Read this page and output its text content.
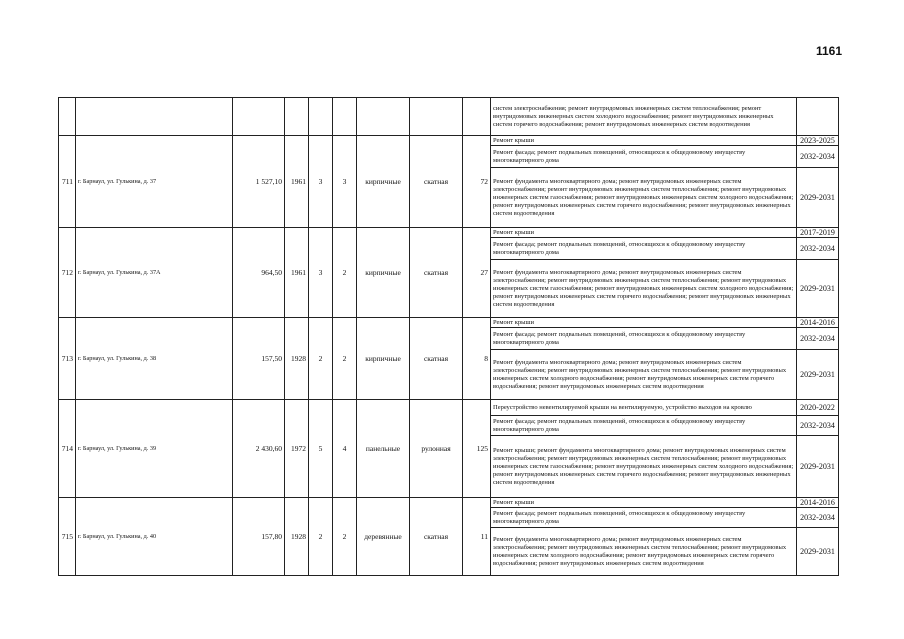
1161
									систем электроснабжения; ремонт внутридомовых инженерных систем теплоснабжения; ремонт внутридомовых инженерных систем холодного водоснабжения; ремонт внутридомовых инженерных систем горячего водоснабжения; ремонт внутридомовых инженерных систем водоотведения	
711	г. Барнаул, ул. Гулькина, д. 37	1 527,10	1961	3	3	кирпичные	скатная	72	Ремонт крыши	2023-2025
									Ремонт фасада; ремонт подвальных помещений, относящихся к общедомовому имуществу многоквартирного дома	2032-2034
									Ремонт фундамента многоквартирного дома; ремонт внутридомовых инженерных систем электроснабжения; ремонт внутридомовых инженерных систем теплоснабжения; ремонт внутридомовых инженерных систем газоснабжения; ремонт внутридомовых инженерных систем холодного водоснабжения; ремонт внутридомовых инженерных систем горячего водоснабжения; ремонт внутридомовых инженерных систем водоотведения	2029-2031
712	г. Барнаул, ул. Гулькина, д. 37А	964,50	1961	3	2	кирпичные	скатная	27	Ремонт крыши	2017-2019
									Ремонт фасада; ремонт подвальных помещений, относящихся к общедомовому имуществу многоквартирного дома	2032-2034
									Ремонт фундамента многоквартирного дома; ремонт внутридомовых инженерных систем электроснабжения; ремонт внутридомовых инженерных систем теплоснабжения; ремонт внутридомовых инженерных систем газоснабжения; ремонт внутридомовых инженерных систем холодного водоснабжения; ремонт внутридомовых инженерных систем горячего водоснабжения; ремонт внутридомовых инженерных систем водоотведения	2029-2031
713	г. Барнаул, ул. Гулькина, д. 38	157,50	1928	2	2	кирпичные	скатная	8	Ремонт крыши	2014-2016
									Ремонт фасада; ремонт подвальных помещений, относящихся к общедомовому имуществу многоквартирного дома	2032-2034
									Ремонт фундамента многоквартирного дома; ремонт внутридомовых инженерных систем электроснабжения; ремонт внутридомовых инженерных систем теплоснабжения; ремонт внутридомовых инженерных систем холодного водоснабжения; ремонт внутридомовых инженерных систем горячего водоснабжения; ремонт внутридомовых инженерных систем водоотведения	2029-2031
714	г. Барнаул, ул. Гулькина, д. 39	2 430,60	1972	5	4	панельные	рулонная	125	Переустройство невентилируемой крыши на вентилируемую, устройство выходов на кровлю	2020-2022
									Ремонт фасада; ремонт подвальных помещений, относящихся к общедомовому имуществу многоквартирного дома	2032-2034
									Ремонт крыши; ремонт фундамента многоквартирного дома; ремонт внутридомовых инженерных систем электроснабжения; ремонт внутридомовых инженерных систем теплоснабжения; ремонт внутридомовых инженерных систем газоснабжения; ремонт внутридомовых инженерных систем холодного водоснабжения; ремонт внутридомовых инженерных систем горячего водоснабжения; ремонт внутридомовых инженерных систем водоотведения	2029-2031
715	г. Барнаул, ул. Гулькина, д. 40	157,80	1928	2	2	деревянные	скатная	11	Ремонт крыши	2014-2016
									Ремонт фасада; ремонт подвальных помещений, относящихся к общедомовому имуществу многоквартирного дома	2032-2034
									Ремонт фундамента многоквартирного дома; ремонт внутридомовых инженерных систем электроснабжения; ремонт внутридомовых инженерных систем теплоснабжения; ремонт внутридомовых инженерных систем холодного водоснабжения; ремонт внутридомовых инженерных систем горячего водоснабжения; ремонт внутридомовых инженерных систем водоотведения	2029-2031
